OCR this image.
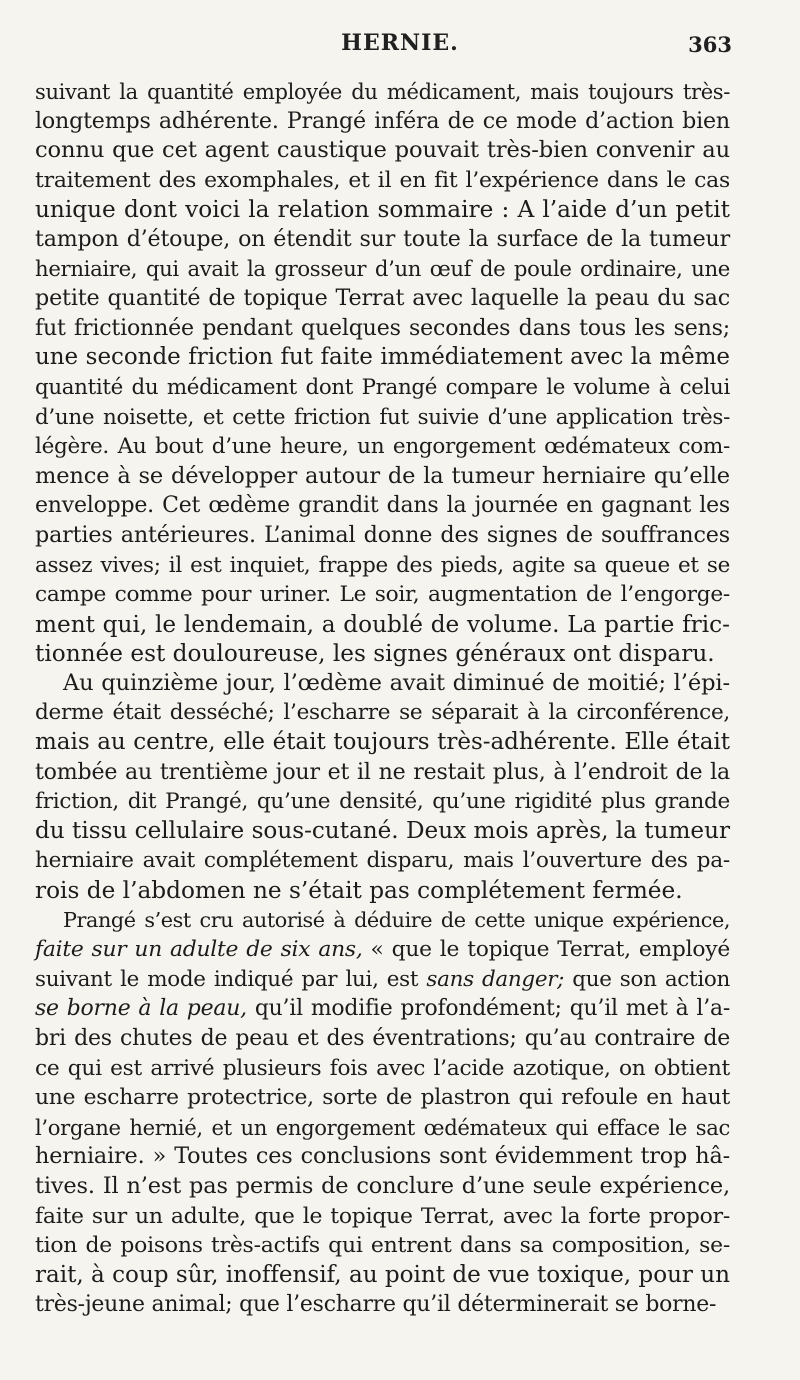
HERNIE.	363
suivant la quantité employée du médicament, mais toujours très-
longtemps adhérente. Prangé inféra de ce mode d’action bien
connu que cet agent caustique pouvait très-bien convenir au
traitement des exomphales, et il en fit l’expérience dans le cas
unique dont voici la relation sommaire : A l’aide d’un petit
tampon d’étoupe, on étendit sur toute la surface de la tumeur
herniaire, qui avait la grosseur d’un œuf de poule ordinaire, une
petite quantité de topique Terrat avec laquelle la peau du sac
fut frictionnée pendant quelques secondes dans tous les sens;
une seconde friction fut faite immédiatement avec la même
quantité du médicament dont Prangé compare le volume à celui
d’une noisette, et cette friction fut suivie d’une application très-
légère. Au bout d’une heure, un engorgement œdémateux com-
mence à se développer autour de la tumeur herniaire qu’elle
enveloppe. Cet œdème grandit dans la journée en gagnant les
parties antérieures. L’animal donne des signes de souffrances
assez vives; il est inquiet, frappe des pieds, agite sa queue et se
campe comme pour uriner. Le soir, augmentation de l’engorge-
ment qui, le lendemain, a doublé de volume. La partie fric-
tionnée est douloureuse, les signes généraux ont disparu.
Au quinzième jour, l’œdème avait diminué de moitié; l’épi-
derme était desséché; l’escharre se séparait à la circonférence,
mais au centre, elle était toujours très-adhérente. Elle était
tombée au trentième jour et il ne restait plus, à l’endroit de la
friction, dit Prangé, qu’une densité, qu’une rigidité plus grande
du tissu cellulaire sous-cutané. Deux mois après, la tumeur
herniaire avait complétement disparu, mais l’ouverture des pa-
rois de l’abdomen ne s’était pas complétement fermée.
Prangé s’est cru autorisé à déduire de cette unique expérience,
faite sur un adulte de six ans, « que le topique Terrat, employé
suivant le mode indiqué par lui, est sans danger; que son action
se borne à la peau, qu’il modifie profondément; qu’il met à l’a-
bri des chutes de peau et des éventrations; qu’au contraire de
ce qui est arrivé plusieurs fois avec l’acide azotique, on obtient
une escharre protectrice, sorte de plastron qui refoule en haut
l’organe hernié, et un engorgement œdémateux qui efface le sac
herniaire. » Toutes ces conclusions sont évidemment trop hâ-
tives. Il n’est pas permis de conclure d’une seule expérience,
faite sur un adulte, que le topique Terrat, avec la forte propor-
tion de poisons très-actifs qui entrent dans sa composition, se-
rait, à coup sûr, inoffensif, au point de vue toxique, pour un
très-jeune animal; que l’escharre qu’il déterminerait se borne-
